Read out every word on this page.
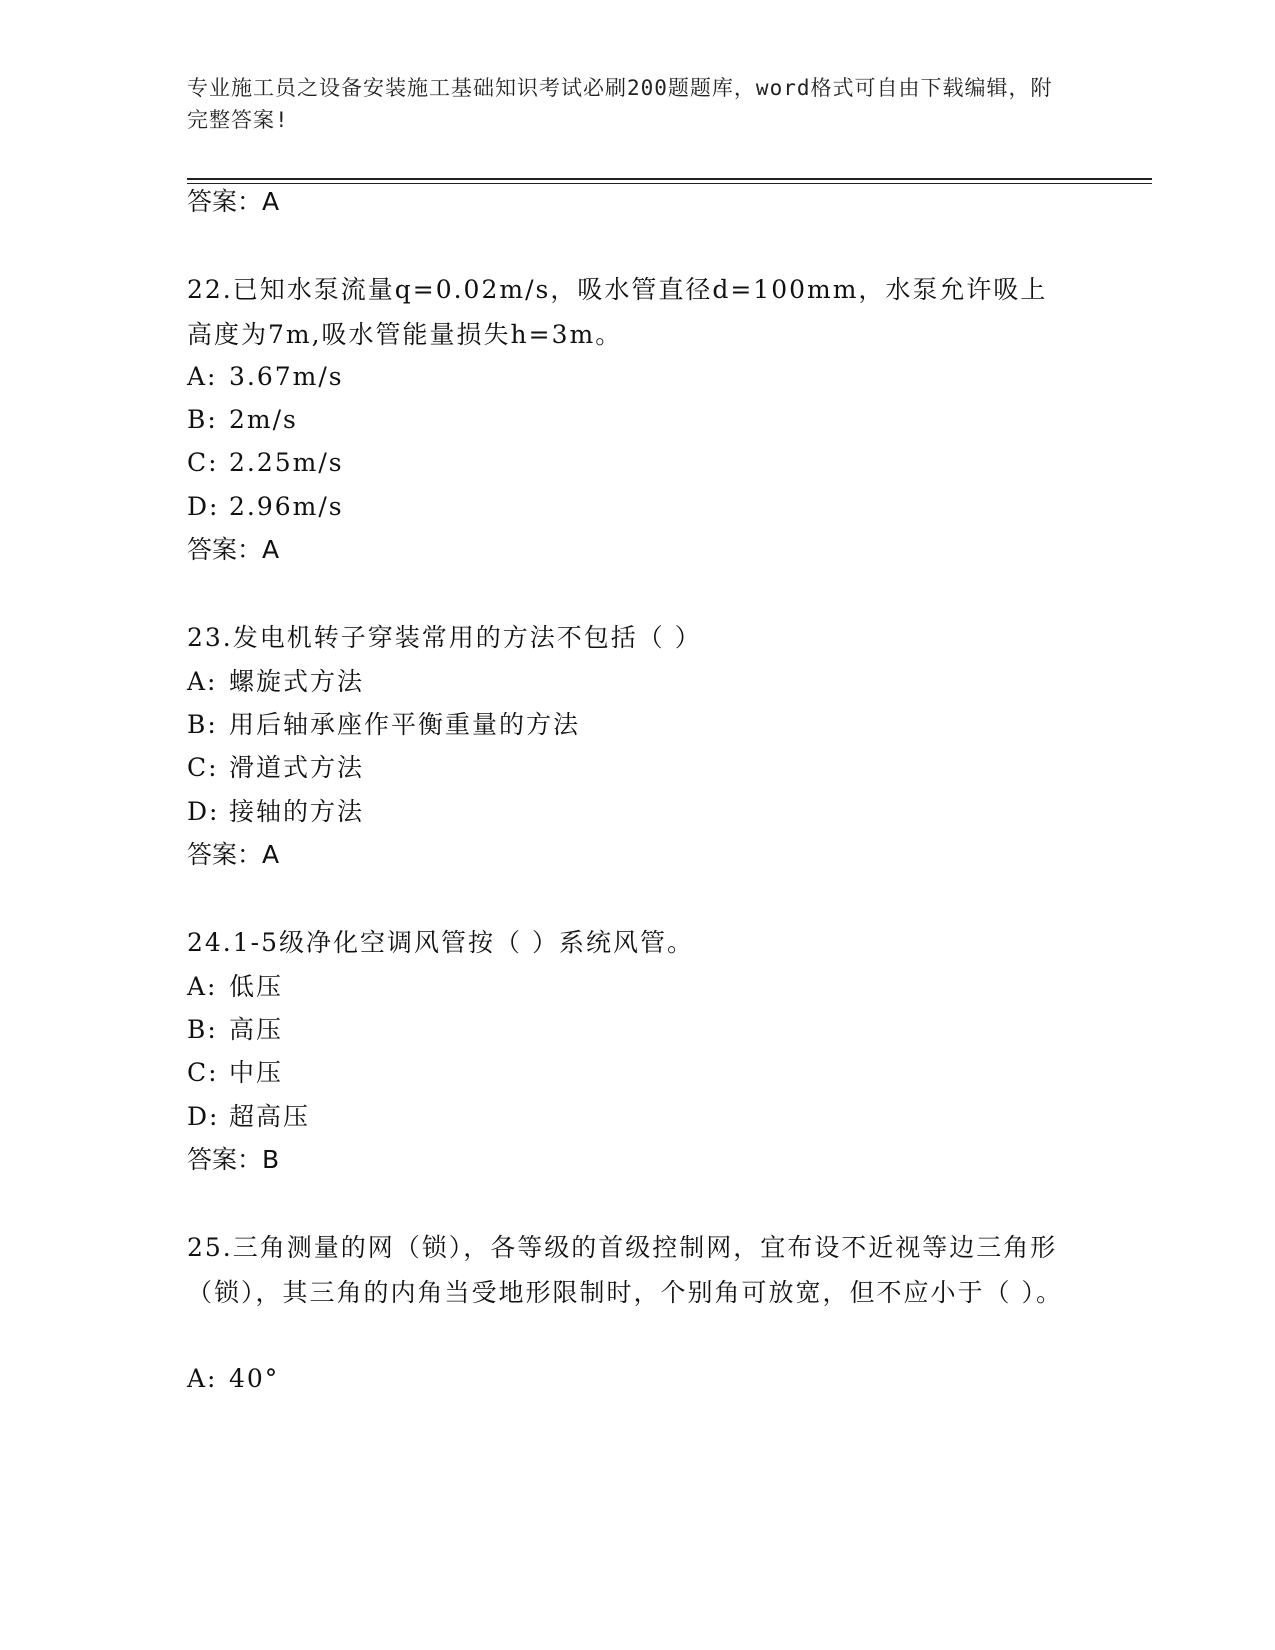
专业施工员之设备安装施工基础知识考试必刷200题题库，word格式可自由下载编辑，附完整答案!
答案：A
22.已知水泵流量q=0.02m/s，吸水管直径d=100mm，水泵允许吸上高度为7m,吸水管能量损失h=3m。
A: 3.67m/s
B: 2m/s
C: 2.25m/s
D: 2.96m/s
答案：A
23.发电机转子穿装常用的方法不包括（ ）
A: 螺旋式方法
B: 用后轴承座作平衡重量的方法
C: 滑道式方法
D: 接轴的方法
答案：A
24.1-5级净化空调风管按（ ）系统风管。
A: 低压
B: 高压
C: 中压
D: 超高压
答案：B
25.三角测量的网（锁），各等级的首级控制网，宜布设不近视等边三角形（锁），其三角的内角当受地形限制时，个别角可放宽，但不应小于（ ）。
A: 40°
